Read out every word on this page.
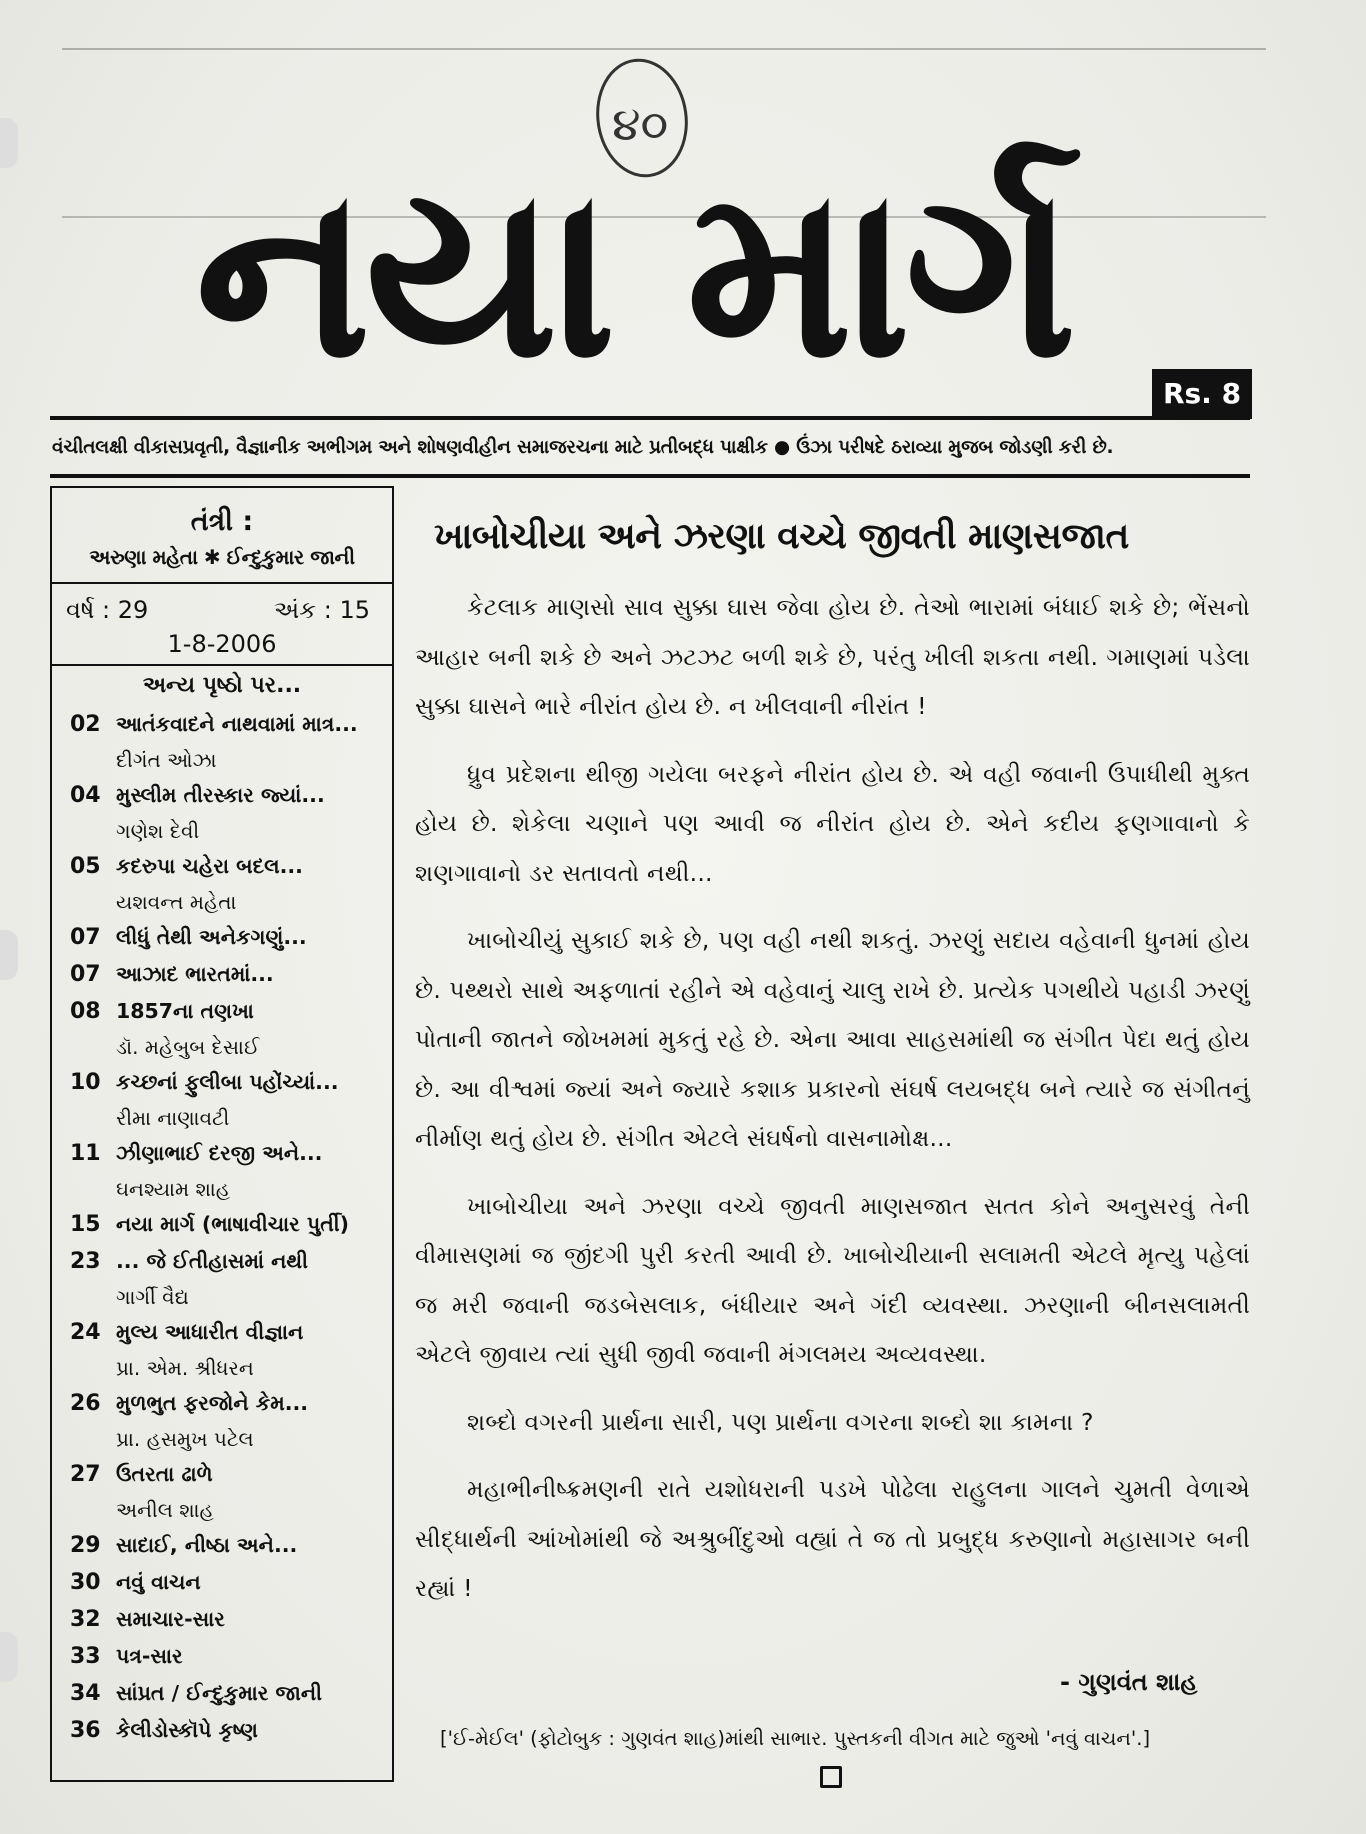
નયા માર્ગ
૪૦
Rs. 8
વંચીતલક્ષી વીકાસપ્રવૃતી, વૈજ્ઞાનીક અભીગમ અને શોષણવીહીન સમાજરચના માટે પ્રતીબદ્ધ પાક્ષીક ● ઉંઝા પરીષદે ઠરાવ્યા મુજબ જોડણી કરી છે.
તંત્રી :
અરુણા મહેતા ✱ ઈન્દુકુમાર જાની
વર્ષ : 29	અંક : 15
1-8-2006
અન્ય પૃષ્ઠો પર...
02 આતંકવાદને નાથવામાં માત્ર...
દીગંત ઓઝા
04 મુસ્લીમ તીરસ્કાર જ્યાં...
ગણેશ દેવી
05 કદરુપા ચહેરા બદલ...
યશવન્ત મહેતા
07 લીધું તેથી અનેકગણું...
07 આઝાદ ભારતમાં...
08 1857ના તણખા
ડૉ. મહેબુબ દેસાઈ
10 કચ્છનાં ફુલીબા પહોંચ્યાં...
રીમા નાણાવટી
11 ઝીણાભાઈ દરજી અને...
ઘનશ્યામ શાહ
15 નયા માર્ગ (ભાષાવીચાર પુર્તી)
23 ... જે ઈતીહાસમાં નથી
ગાર્ગી વૈદ્ય
24 મુલ્ય આધારીત વીજ્ઞાન
પ્રા. એમ. શ્રીધરન
26 મુળભુત ફરજોને કેમ...
પ્રા. હસમુખ પટેલ
27 ઉતરતા ઢાળે
અનીલ શાહ
29 સાદાઈ, નીષ્ઠા અને...
30 નવું વાચન
32 સમાચાર-સાર
33 પત્ર-સાર
34 સાંપ્રત / ઈન્દુકુમાર જાની
36 કેલીડોસ્કૉપે કૃષ્ણ
ખાબોચીયા અને ઝરણા વચ્ચે જીવતી માણસજાત

કેટલાક માણસો સાવ સુક્કા ઘાસ જેવા હોય છે. તેઓ ભારામાં બંધાઈ શકે છે; ભેંસનો આહાર બની શકે છે અને ઝટઝટ બળી શકે છે, પરંતુ ખીલી શકતા નથી. ગમાણમાં પડેલા સુક્કા ઘાસને ભારે નીરાંત હોય છે. ન ખીલવાની નીરાંત !

ધ્રુવ પ્રદેશના થીજી ગયેલા બરફને નીરાંત હોય છે. એ વહી જવાની ઉપાધીથી મુક્ત હોય છે. શેકેલા ચણાને પણ આવી જ નીરાંત હોય છે. એને કદીય ફણગાવાનો કે શણગાવાનો ડર સતાવતો નથી...

ખાબોચીયું સુકાઈ શકે છે, પણ વહી નથી શકતું. ઝરણું સદાય વહેવાની ધુનમાં હોય છે. પથ્થરો સાથે અફળાતાં રહીને એ વહેવાનું ચાલુ રાખે છે. પ્રત્યેક પગથીયે પહાડી ઝરણું પોતાની જાતને જોખમમાં મુકતું રહે છે. એના આવા સાહસમાંથી જ સંગીત પેદા થતું હોય છે. આ વીશ્વમાં જ્યાં અને જ્યારે કશાક પ્રકારનો સંઘર્ષ લયબદ્ધ બને ત્યારે જ સંગીતનું નીર્માણ થતું હોય છે. સંગીત એટલે સંઘર્ષનો વાસનામોક્ષ...

ખાબોચીયા અને ઝરણા વચ્ચે જીવતી માણસજાત સતત કોને અનુસરવું તેની વીમાસણમાં જ જીંદગી પુરી કરતી આવી છે. ખાબોચીયાની સલામતી એટલે મૃત્યુ પહેલાં જ મરી જવાની જડબેસલાક, બંધીયાર અને ગંદી વ્યવસ્થા. ઝરણાની બીનસલામતી એટલે જીવાય ત્યાં સુધી જીવી જવાની મંગલમય અવ્યવસ્થા.

શબ્દો વગરની પ્રાર્થના સારી, પણ પ્રાર્થના વગરના શબ્દો શા કામના ?

મહાભીનીષ્ક્રમણની રાતે યશોધરાની પડખે પોઢેલા રાહુલના ગાલને ચુમતી વેળાએ સીદ્ધાર્થની આંખોમાંથી જે અશ્રુબીંદુઓ વહ્યાં તે જ તો પ્રબુદ્ધ કરુણાનો મહાસાગર બની રહ્યાં !

- ગુણવંત શાહ
['ઈ-મેઈલ' (ફોટોબુક : ગુણવંત શાહ)માંથી સાભાર. પુસ્તકની વીગત માટે જુઓ 'નવું વાચન'.]
